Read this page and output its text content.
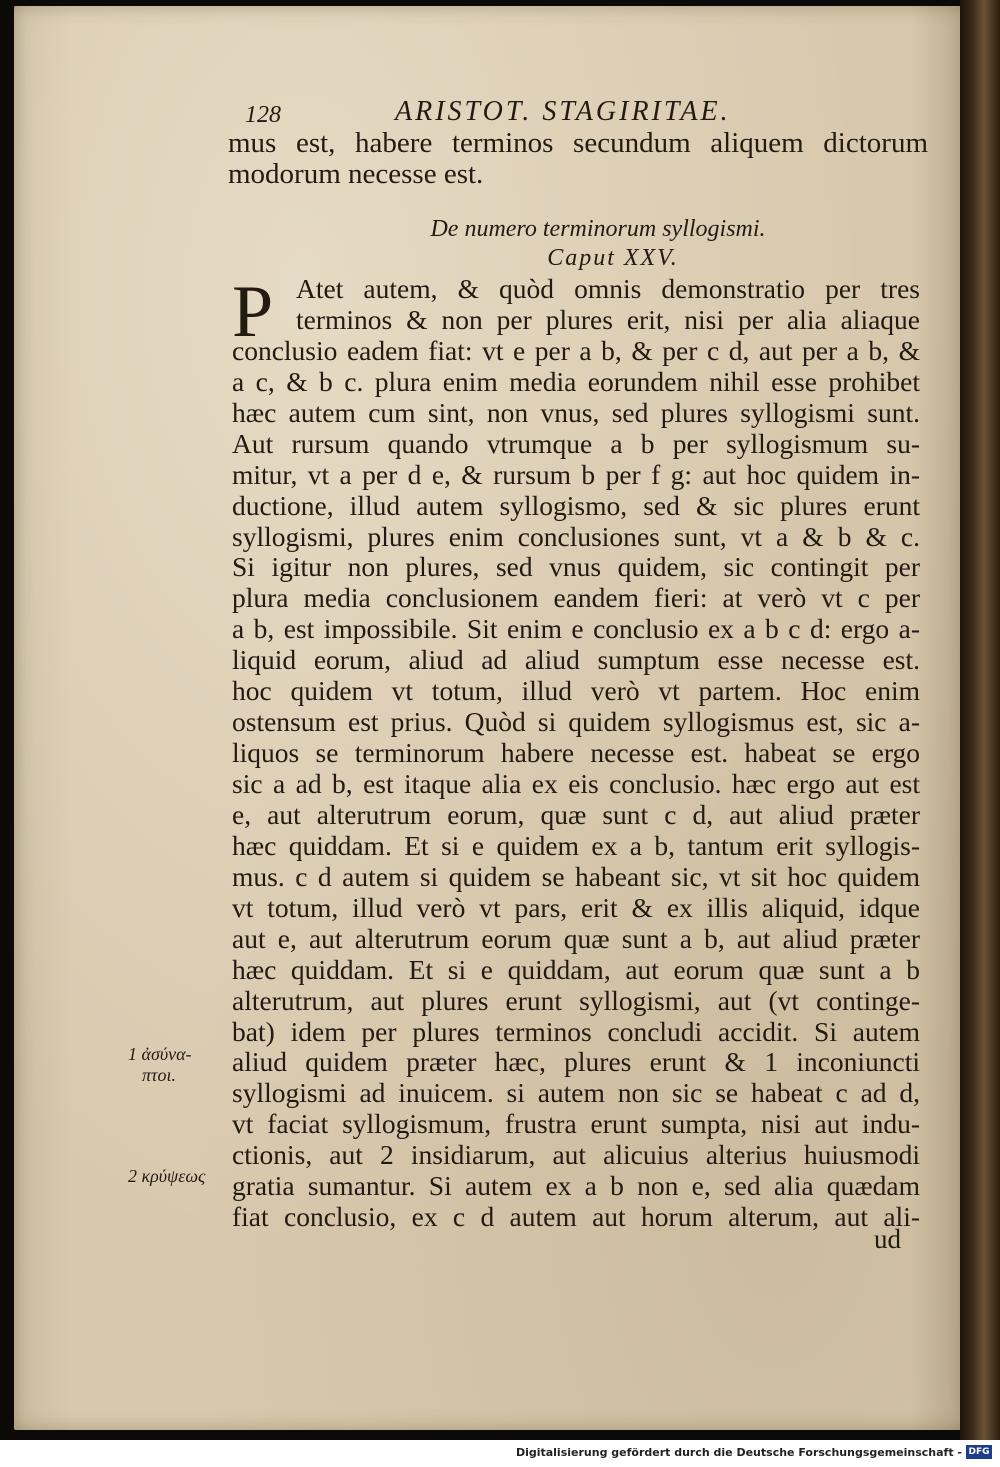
128	ARISTOT. STAGIRITAE.
mus est, habere terminos secundum aliquem dictorum
modorum necesse est.
De numero terminorum syllogismi.
Caput XXV.
P Atet autem, & quòd omnis demonstratio per tres
terminos & non per plures erit, nisi per alia aliaque
conclusio eadem fiat: vt e per a b, & per c d, aut per a b, &
a c, & b c. plura enim media eorundem nihil esse prohibet
hæc autem cum sint, non vnus, sed plures syllogismi sunt.
Aut rursum quando vtrumque a b per syllogismum su-
mitur, vt a per d e, & rursum b per f g: aut hoc quidem in-
ductione, illud autem syllogismo, sed & sic plures erunt
syllogismi, plures enim conclusiones sunt, vt a & b & c.
Si igitur non plures, sed vnus quidem, sic contingit per
plura media conclusionem eandem fieri: at verò vt c per
a b, est impossibile. Sit enim e conclusio ex a b c d: ergo a-
liquid eorum, aliud ad aliud sumptum esse necesse est.
hoc quidem vt totum, illud verò vt partem. Hoc enim
ostensum est prius. Quòd si quidem syllogismus est, sic a-
liquos se terminorum habere necesse est. habeat se ergo
sic a ad b, est itaque alia ex eis conclusio. hæc ergo aut est
e, aut alterutrum eorum, quæ sunt c d, aut aliud præter
hæc quiddam. Et si e quidem ex a b, tantum erit syllogis-
mus. c d autem si quidem se habeant sic, vt sit hoc quidem
vt totum, illud verò vt pars, erit & ex illis aliquid, idque
aut e, aut alterutrum eorum quæ sunt a b, aut aliud præter
hæc quiddam. Et si e quiddam, aut eorum quæ sunt a b
alterutrum, aut plures erunt syllogismi, aut (vt continge-
bat) idem per plures terminos concludi accidit. Si autem
aliud quidem præter hæc, plures erunt & 1 inconiuncti
syllogismi ad inuicem. si autem non sic se habeat c ad d,
vt faciat syllogismum, frustra erunt sumpta, nisi aut indu-
ctionis, aut 2 insidiarum, aut alicuius alterius huiusmodi
gratia sumantur. Si autem ex a b non e, sed alia quædam
fiat conclusio, ex c d autem aut horum alterum, aut ali-
ud
1 ἀσύνα-
πτοι.
2 κρύψεως
Digitalisierung gefördert durch die Deutsche Forschungsgemeinschaft - DFG
